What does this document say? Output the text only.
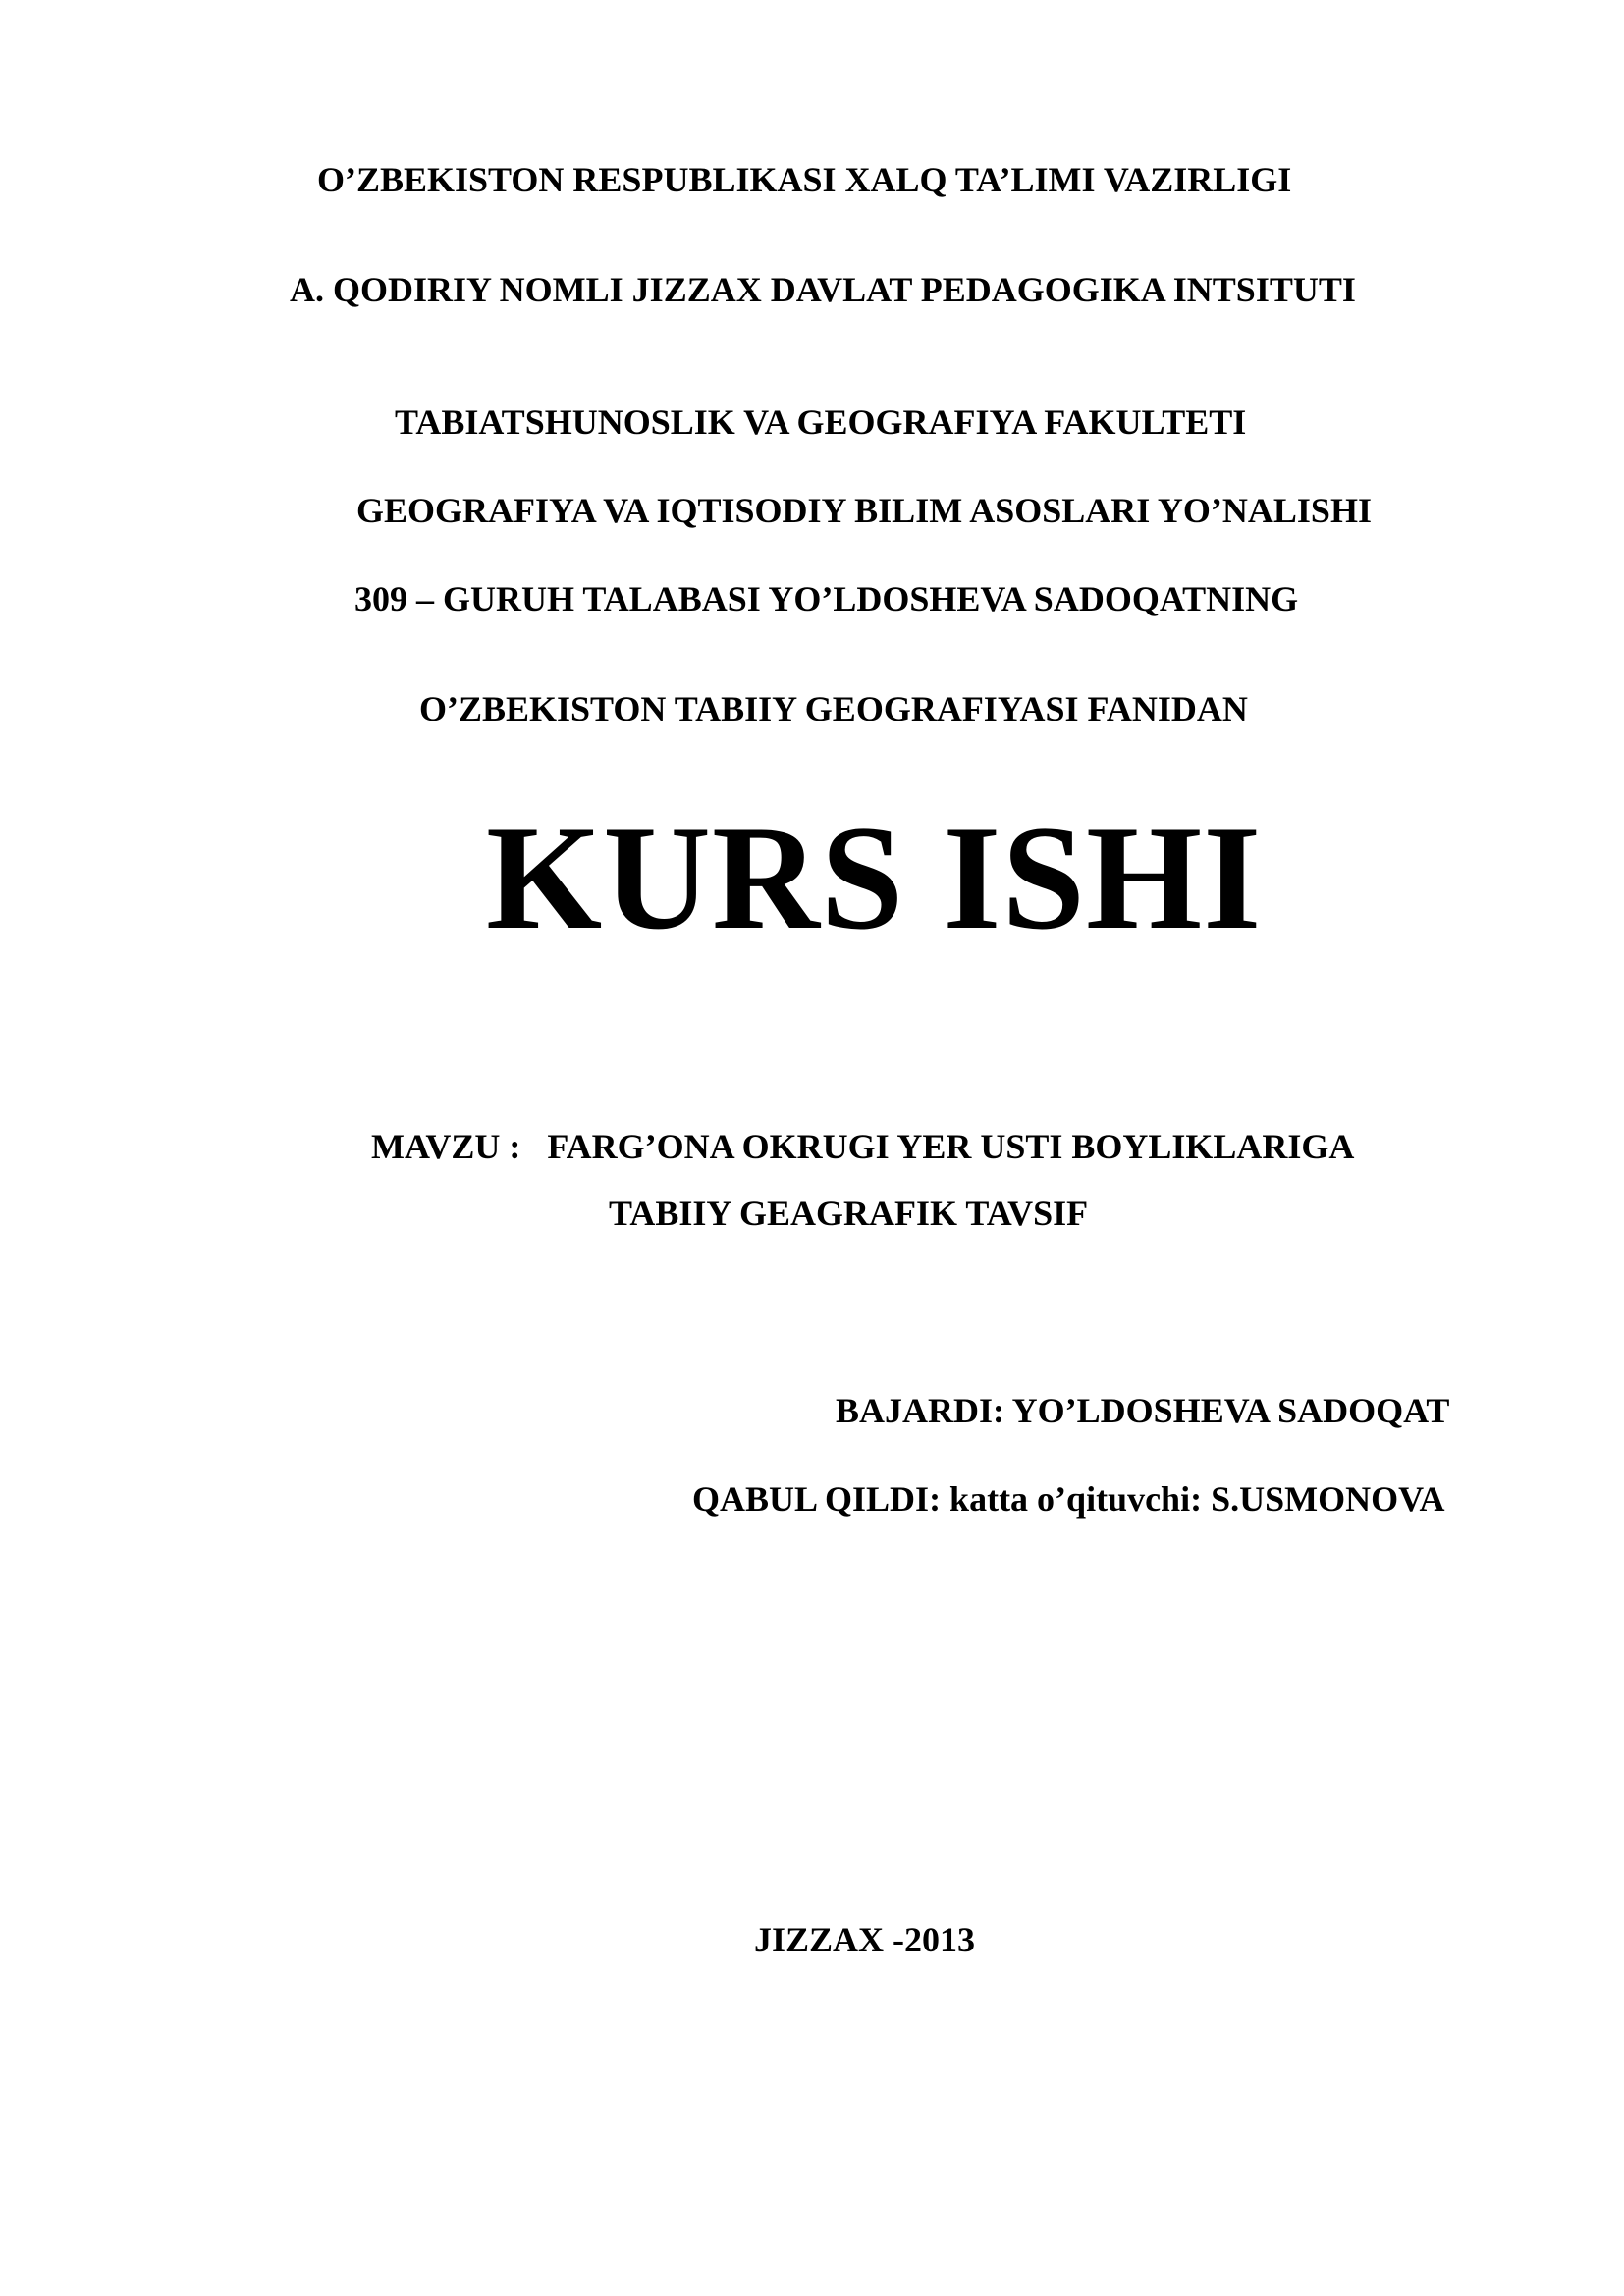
O’ZBEKISTON RESPUBLIKASI XALQ TA’LIMI VAZIRLIGI
A. QODIRIY NOMLI JIZZAX DAVLAT PEDAGOGIKA INTSITUTI
TABIATSHUNOSLIK VA GEOGRAFIYA FAKULTETI
GEOGRAFIYA VA IQTISODIY BILIM ASOSLARI YO’NALISHI
309 – GURUH TALABASI YO’LDOSHEVA SADOQATNING
O’ZBEKISTON TABIIY GEOGRAFIYASI FANIDAN
KURS ISHI
MAVZU :   FARG’ONA OKRUGI YER USTI BOYLIKLARIGA
TABIIY GEAGRAFIK TAVSIF
BAJARDI: YO’LDOSHEVA SADOQAT
QABUL QILDI: katta o’qituvchi: S.USMONOVA
JIZZAX -2013
